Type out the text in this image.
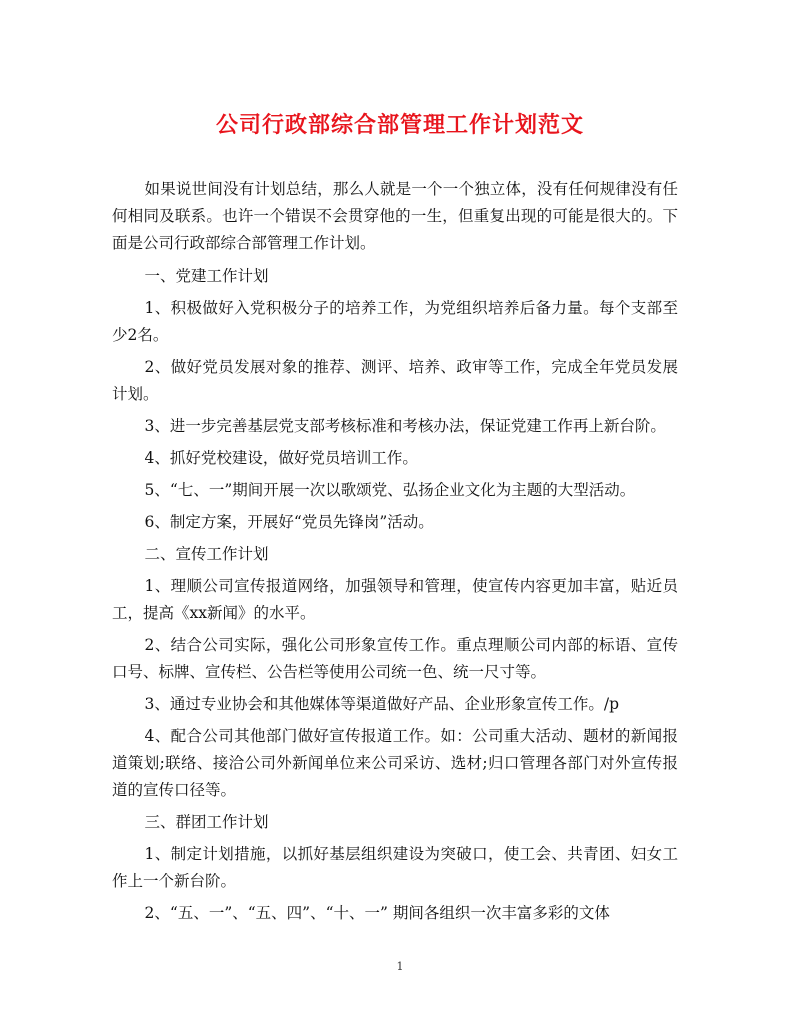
公司行政部综合部管理工作计划范文

如果说世间没有计划总结，那么人就是一个一个独立体，没有任何规律没有任何相同及联系。也许一个错误不会贯穿他的一生，但重复出现的可能是很大的。下面是公司行政部综合部管理工作计划。

一、党建工作计划

1、积极做好入党积极分子的培养工作，为党组织培养后备力量。每个支部至少2名。

2、做好党员发展对象的推荐、测评、培养、政审等工作，完成全年党员发展计划。

3、进一步完善基层党支部考核标准和考核办法，保证党建工作再上新台阶。

4、抓好党校建设，做好党员培训工作。

5、“七、一”期间开展一次以歌颂党、弘扬企业文化为主题的大型活动。

6、制定方案，开展好“党员先锋岗”活动。

二、宣传工作计划

1、理顺公司宣传报道网络，加强领导和管理，使宣传内容更加丰富，贴近员工，提高《xx新闻》的水平。

2、结合公司实际，强化公司形象宣传工作。重点理顺公司内部的标语、宣传口号、标牌、宣传栏、公告栏等使用公司统一色、统一尺寸等。

3、通过专业协会和其他媒体等渠道做好产品、企业形象宣传工作。/p

4、配合公司其他部门做好宣传报道工作。如：公司重大活动、题材的新闻报道策划;联络、接洽公司外新闻单位来公司采访、选材;归口管理各部门对外宣传报道的宣传口径等。

三、群团工作计划

1、制定计划措施，以抓好基层组织建设为突破口，使工会、共青团、妇女工作上一个新台阶。

2、“五、一”、“五、四”、“十、一” 期间各组织一次丰富多彩的文体

1
